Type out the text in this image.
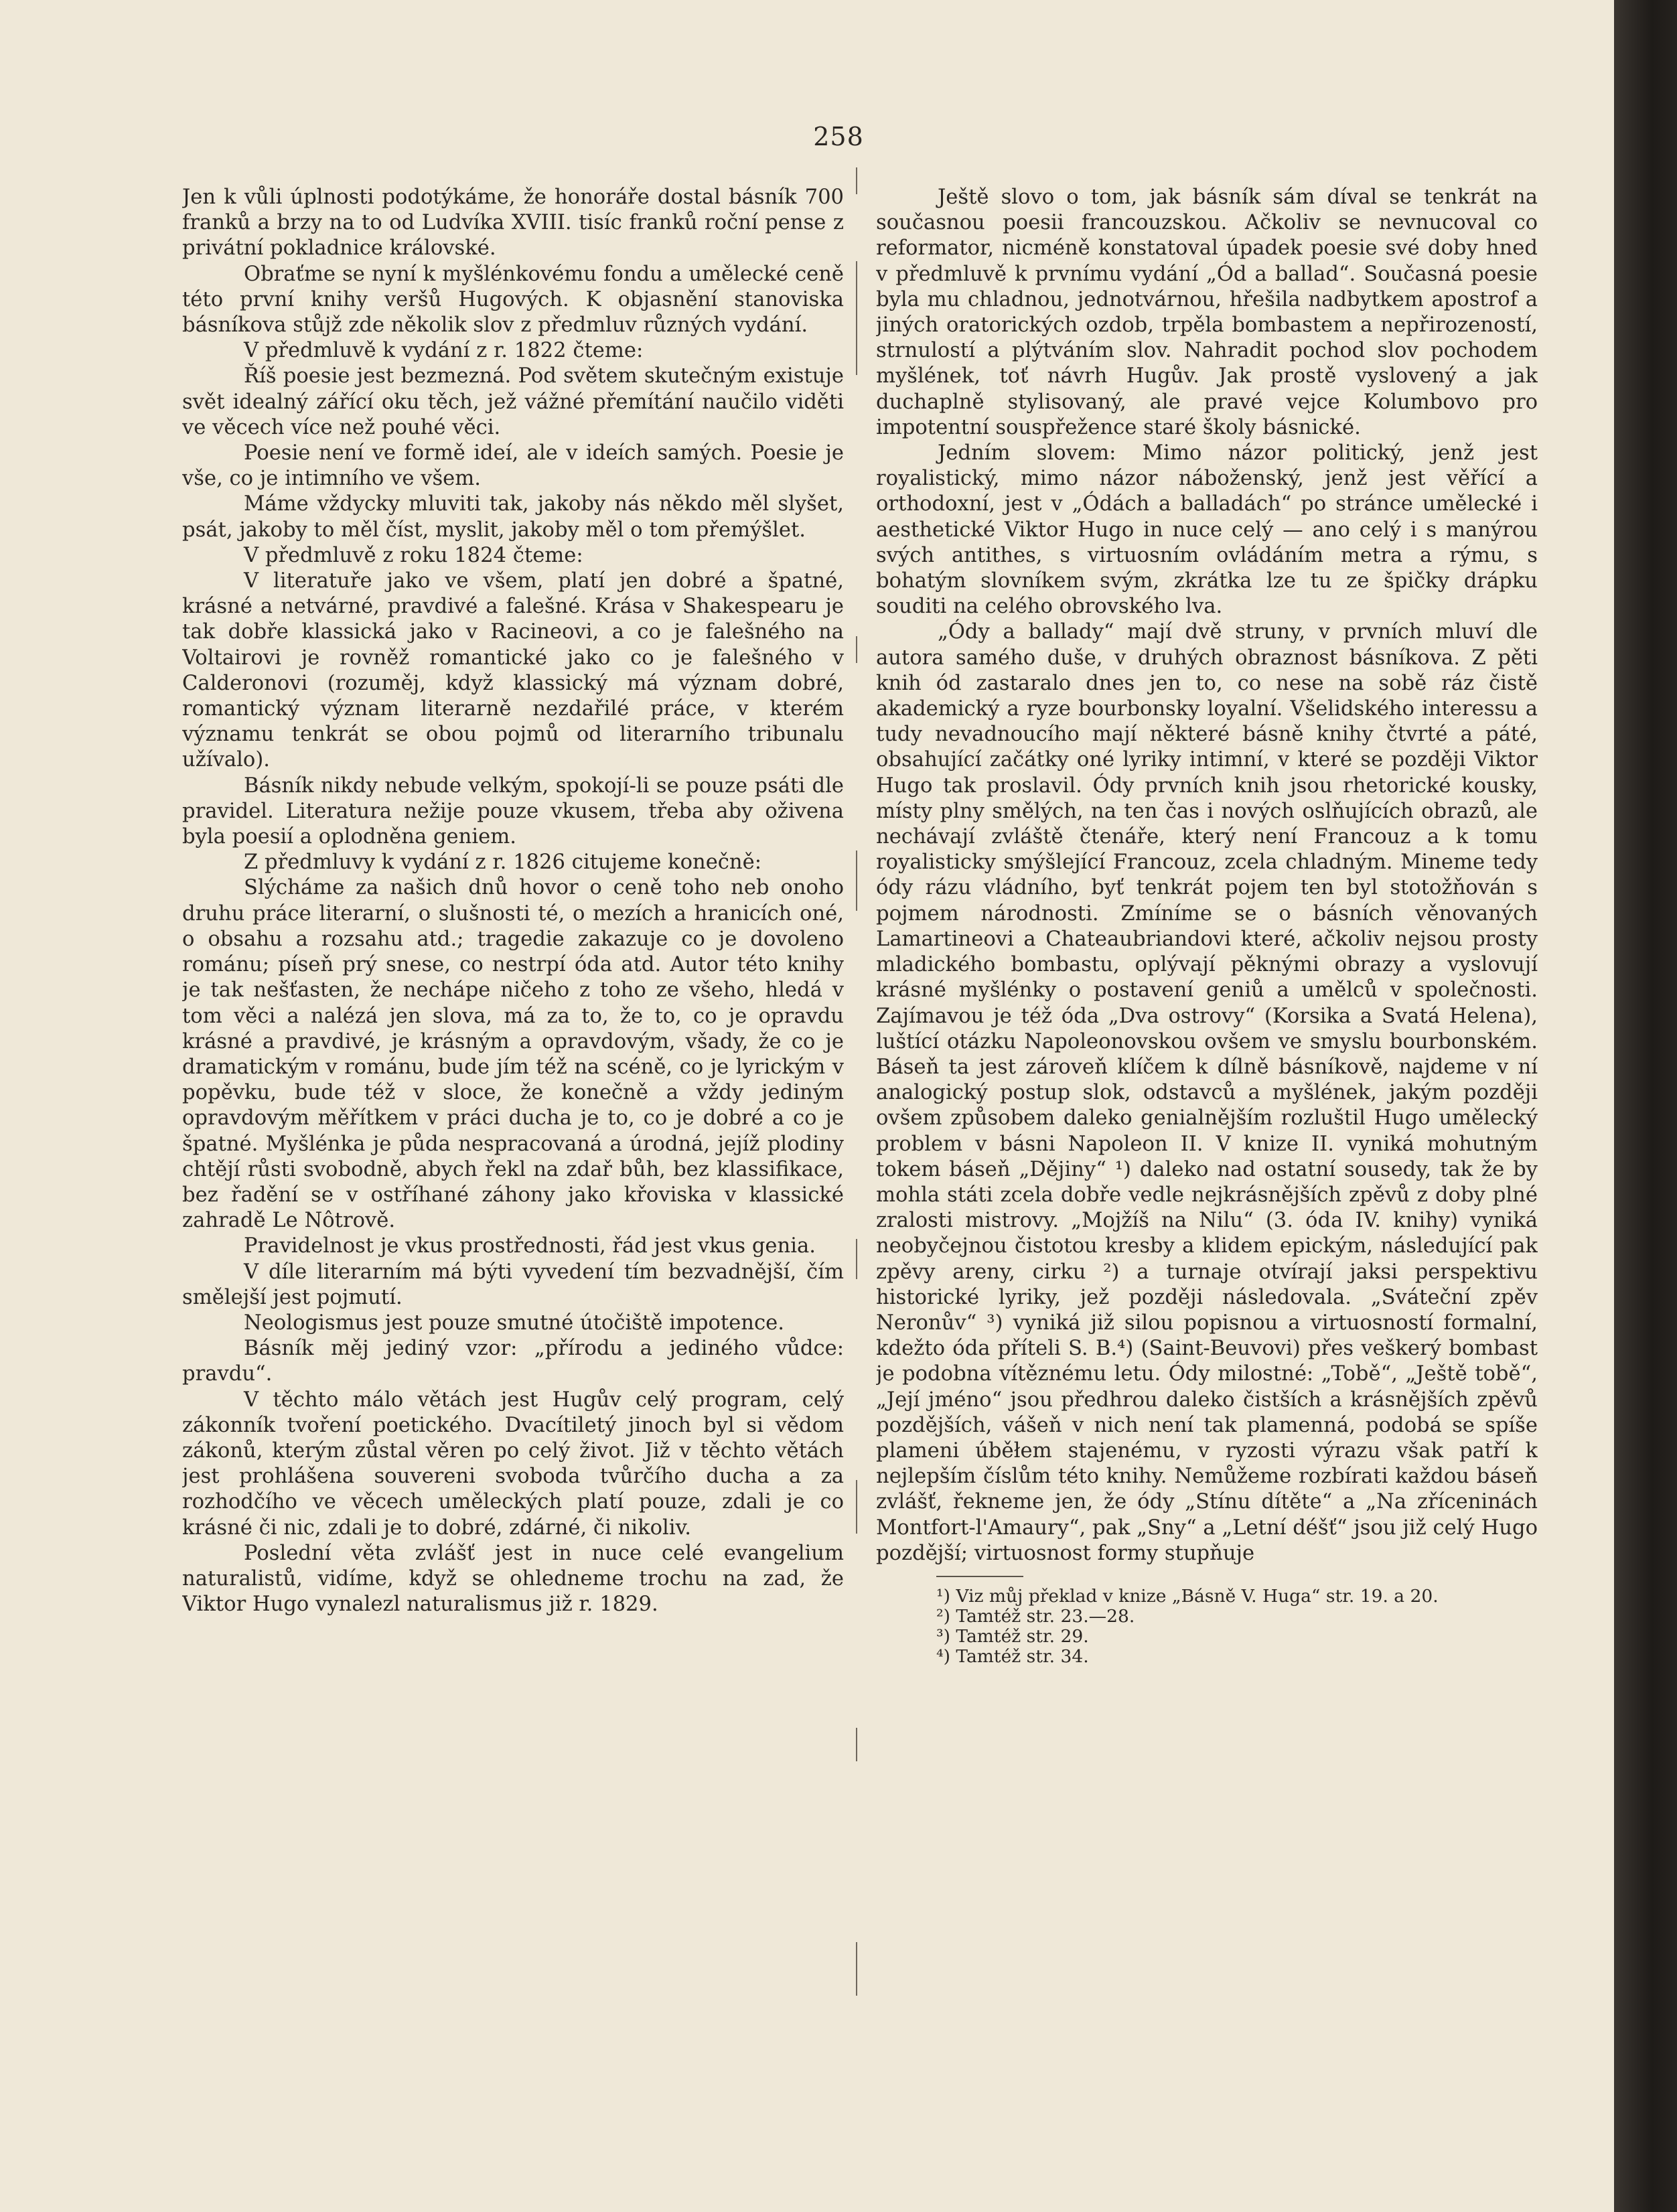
258

Jen k vůli úplnosti podotýkáme, že honoráře dostal básník 700 franků a brzy na to od Ludvíka XVIII. tisíc franků roční pense z privátní pokladnice královské.

Obraťme se nyní k myšlénkovému fondu a umělecké ceně této první knihy veršů Hugových. K objasnění stanoviska básníkova stůjž zde několik slov z předmluv různých vydání.

V předmluvě k vydání z r. 1822 čteme:

Říš poesie jest bezmezná. Pod světem skutečným existuje svět idealný zářící oku těch, jež vážné přemítání naučilo viděti ve věcech více než pouhé věci.

Poesie není ve formě ideí, ale v ideích samých. Poesie je vše, co je intimního ve všem.

Máme vždycky mluviti tak, jakoby nás někdo měl slyšet, psát, jakoby to měl číst, myslit, jakoby měl o tom přemýšlet.

V předmluvě z roku 1824 čteme:

V literatuře jako ve všem, platí jen dobré a špatné, krásné a netvárné, pravdivé a falešné. Krása v Shakespearu je tak dobře klassická jako v Racineovi, a co je falešného na Voltairovi je rovněž romantické jako co je falešného v Calderonovi (rozuměj, když klassický má význam dobré, romantický význam literarně nezdařilé práce, v kterém významu tenkrát se obou pojmů od literarního tribunalu užívalo).

Básník nikdy nebude velkým, spokojí-li se pouze psáti dle pravidel. Literatura nežije pouze vkusem, třeba aby oživena byla poesií a oplodněna geniem.

Z předmluvy k vydání z r. 1826 citujeme konečně:

Slýcháme za našich dnů hovor o ceně toho neb onoho druhu práce literarní, o slušnosti té, o mezích a hranicích oné, o obsahu a rozsahu atd.; tragedie zakazuje co je dovoleno románu; píseň prý snese, co nestrpí óda atd. Autor této knihy je tak nešťasten, že nechápe ničeho z toho ze všeho, hledá v tom věci a nalézá jen slova, má za to, že to, co je opravdu krásné a pravdivé, je krásným a opravdovým, všady, že co je dramatickým v románu, bude jím též na scéně, co je lyrickým v popěvku, bude též v sloce, že konečně a vždy jediným opravdovým měřítkem v práci ducha je to, co je dobré a co je špatné. Myšlénka je půda nespracovaná a úrodná, jejíž plodiny chtějí růsti svobodně, abych řekl na zdař bůh, bez klassifikace, bez řadění se v ostříhané záhony jako křoviska v klassické zahradě Le Nôtrově.

Pravidelnost je vkus prostřednosti, řád jest vkus genia.

V díle literarním má býti vyvedení tím bezvadnější, čím smělejší jest pojmutí.

Neologismus jest pouze smutné útočiště impotence.

Básník měj jediný vzor: „přírodu a jediného vůdce: pravdu“.

V těchto málo větách jest Hugův celý program, celý zákonník tvoření poetického. Dvacítiletý jinoch byl si vědom zákonů, kterým zůstal věren po celý život. Již v těchto větách jest prohlášena souvereni svoboda tvůrčího ducha a za rozhodčího ve věcech uměleckých platí pouze, zdali je co krásné či nic, zdali je to dobré, zdárné, či nikoliv.

Poslední věta zvlášť jest in nuce celé evangelium naturalistů, vidíme, když se ohledneme trochu na zad, že Viktor Hugo vynalezl naturalismus již r. 1829.

Ještě slovo o tom, jak básník sám díval se tenkrát na současnou poesii francouzskou. Ačkoliv se nevnucoval co reformator, nicméně konstatoval úpadek poesie své doby hned v předmluvě k prvnímu vydání „Ód a ballad“. Současná poesie byla mu chladnou, jednotvárnou, hřešila nadbytkem apostrof a jiných oratorických ozdob, trpěla bombastem a nepřirozeností, strnulostí a plýtváním slov. Nahradit pochod slov pochodem myšlének, toť návrh Hugův. Jak prostě vyslovený a jak duchaplně stylisovaný, ale pravé vejce Kolumbovo pro impotentní souspřežence staré školy básnické.

Jedním slovem: Mimo názor politický, jenž jest royalistický, mimo názor náboženský, jenž jest věřící a orthodoxní, jest v „Ódách a balladách“ po stránce umělecké i aesthetické Viktor Hugo in nuce celý — ano celý i s manýrou svých antithes, s virtuosním ovládáním metra a rýmu, s bohatým slovníkem svým, zkrátka lze tu ze špičky drápku souditi na celého obrovského lva.

„Ódy a ballady“ mají dvě struny, v prvních mluví dle autora samého duše, v druhých obraznost básníkova. Z pěti knih ód zastaralo dnes jen to, co nese na sobě ráz čistě akademický a ryze bourbonsky loyalní. Všelidského interessu a tudy nevadnoucího mají některé básně knihy čtvrté a páté, obsahující začátky oné lyriky intimní, v které se později Viktor Hugo tak proslavil. Ódy prvních knih jsou rhetorické kousky, místy plny smělých, na ten čas i nových oslňujících obrazů, ale nechávají zvláště čtenáře, který není Francouz a k tomu royalisticky smýšlející Francouz, zcela chladným. Mineme tedy ódy rázu vládního, byť tenkrát pojem ten byl stotožňován s pojmem národnosti. Zmíníme se o básních věnovaných Lamartineovi a Chateaubriandovi které, ačkoliv nejsou prosty mladického bombastu, oplývají pěknými obrazy a vyslovují krásné myšlénky o postavení geniů a umělců v společnosti. Zajímavou je též óda „Dva ostrovy“ (Korsika a Svatá Helena), luštící otázku Napoleonovskou ovšem ve smyslu bourbonském. Báseň ta jest zároveň klíčem k dílně básníkově, najdeme v ní analogický postup slok, odstavců a myšlének, jakým později ovšem způsobem daleko genialnějším rozluštil Hugo umělecký problem v básni Napoleon II. V knize II. vyniká mohutným tokem báseň „Dějiny“ ¹) daleko nad ostatní sousedy, tak že by mohla státi zcela dobře vedle nejkrásnějších zpěvů z doby plné zralosti mistrovy. „Mojžíš na Nilu“ (3. óda IV. knihy) vyniká neobyčejnou čistotou kresby a klidem epickým, následující pak zpěvy areny, cirku ²) a turnaje otvírají jaksi perspektivu historické lyriky, jež později následovala. „Sváteční zpěv Neronův“ ³) vyniká již silou popisnou a virtuosností formalní, kdežto óda příteli S. B.⁴) (Saint-Beuvovi) přes veškerý bombast je podobna vítěznému letu. Ódy milostné: „Tobě“, „Ještě tobě“, „Její jméno“ jsou předhrou daleko čistších a krásnějších zpěvů pozdějších, vášeň v nich není tak plamenná, podobá se spíše plameni úběłem stajenému, v ryzosti výrazu však patří k nejlepším číslům této knihy. Nemůžeme rozbírati každou báseň zvlášť, řekneme jen, že ódy „Stínu dítěte“ a „Na zříceninách Montfort-l'Amaury“, pak „Sny“ a „Letní déšť“ jsou již celý Hugo pozdější; virtuosnost formy stupňuje

¹) Viz můj překlad v knize „Básně V. Huga“ str. 19. a 20.
²) Tamtéž str. 23.—28.
³) Tamtéž str. 29.
⁴) Tamtéž str. 34.
